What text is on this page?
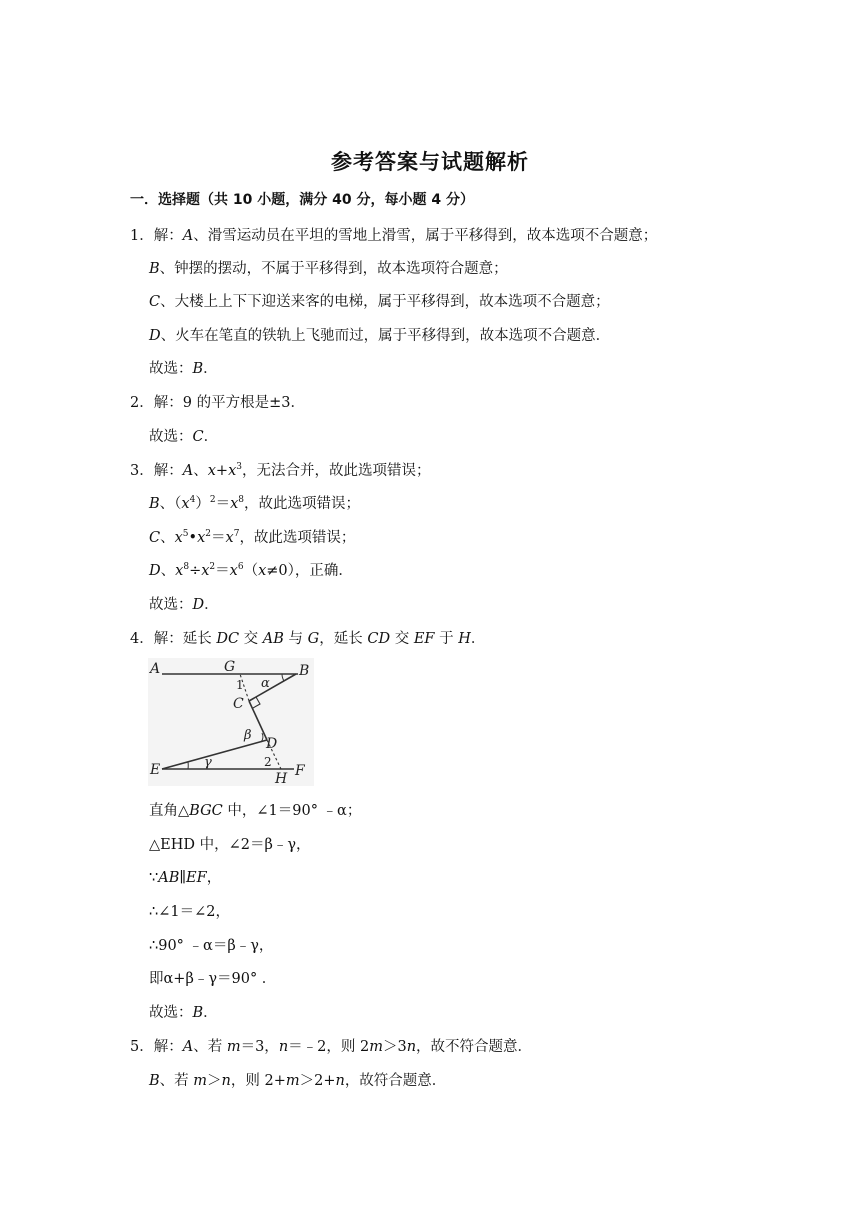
参考答案与试题解析
一．选择题（共 10 小题，满分 40 分，每小题 4 分）
1．解：A、滑雪运动员在平坦的雪地上滑雪，属于平移得到，故本选项不合题意；
B、钟摆的摆动，不属于平移得到，故本选项符合题意；
C、大楼上上下下迎送来客的电梯，属于平移得到，故本选项不合题意；
D、火车在笔直的铁轨上飞驰而过，属于平移得到，故本选项不合题意．
故选：B．
2．解：9 的平方根是±3．
故选：C．
3．解：A、$x+x^3$，无法合并，故此选项错误；
B、$(x^4)^2=x^8$，故此选项错误；
C、$x^5•x^2=x^7$，故此选项错误；
D、$x^8\div x^2=x^6(x\ne 0)$，正确．
故选：D．
4．解：延长 DC 交 AB 与 G，延长 CD 交 EF 于 H．
A	G	B
1 α
C
β
D
2
E	γ
H F
直角△BGC 中，∠1＝90° ﹣α；
△EHD 中，∠2＝β﹣γ，
∵AB∥EF，
∴∠1＝∠2，
∴90° ﹣α＝β﹣γ，
即α+β﹣γ＝90° ．
故选：B．
5．解：A、若 m＝3，n＝﹣2，则 2m＞3n，故不符合题意．
B、若 m＞n，则 2+m＞2+n，故符合题意．
